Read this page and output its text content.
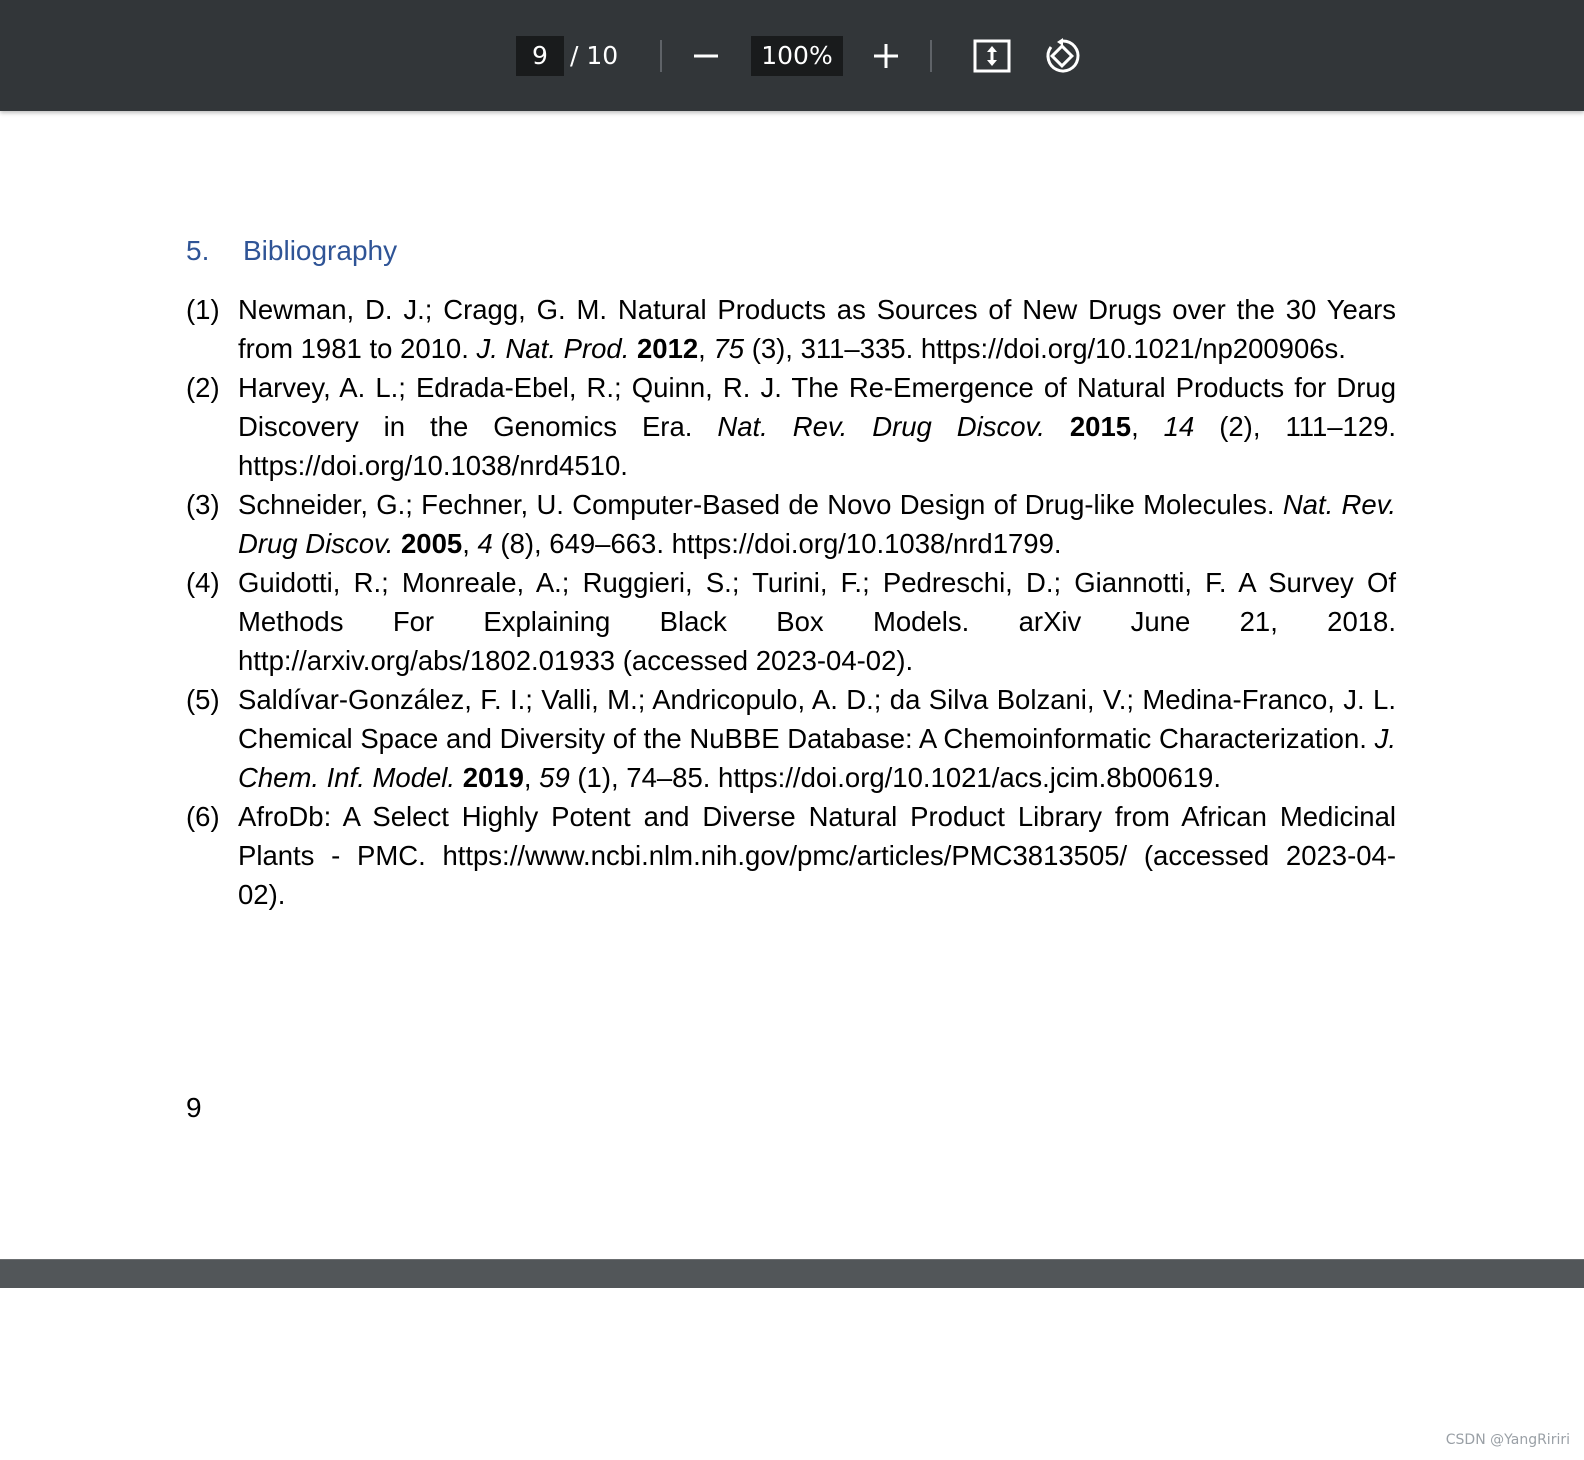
9 / 10	100%
5. Bibliography
(1) Newman, D. J.; Cragg, G. M. Natural Products as Sources of New Drugs over the 30 Years from 1981 to 2010. J. Nat. Prod. 2012, 75 (3), 311–335. https://doi.org/10.1021/np200906s.
(2) Harvey, A. L.; Edrada-Ebel, R.; Quinn, R. J. The Re-Emergence of Natural Products for Drug Discovery in the Genomics Era. Nat. Rev. Drug Discov. 2015, 14 (2), 111–129. https://doi.org/10.1038/nrd4510.
(3) Schneider, G.; Fechner, U. Computer-Based de Novo Design of Drug-like Molecules. Nat. Rev. Drug Discov. 2005, 4 (8), 649–663. https://doi.org/10.1038/nrd1799.
(4) Guidotti, R.; Monreale, A.; Ruggieri, S.; Turini, F.; Pedreschi, D.; Giannotti, F. A Survey Of Methods For Explaining Black Box Models. arXiv June 21, 2018. http://arxiv.org/abs/1802.01933 (accessed 2023-04-02).
(5) Saldívar-González, F. I.; Valli, M.; Andricopulo, A. D.; da Silva Bolzani, V.; Medina-Franco, J. L. Chemical Space and Diversity of the NuBBE Database: A Chemoinformatic Characterization. J. Chem. Inf. Model. 2019, 59 (1), 74–85. https://doi.org/10.1021/acs.jcim.8b00619.
(6) AfroDb: A Select Highly Potent and Diverse Natural Product Library from African Medicinal Plants - PMC. https://www.ncbi.nlm.nih.gov/pmc/articles/PMC3813505/ (accessed 2023-04-02).
9
CSDN @YangRiriri
